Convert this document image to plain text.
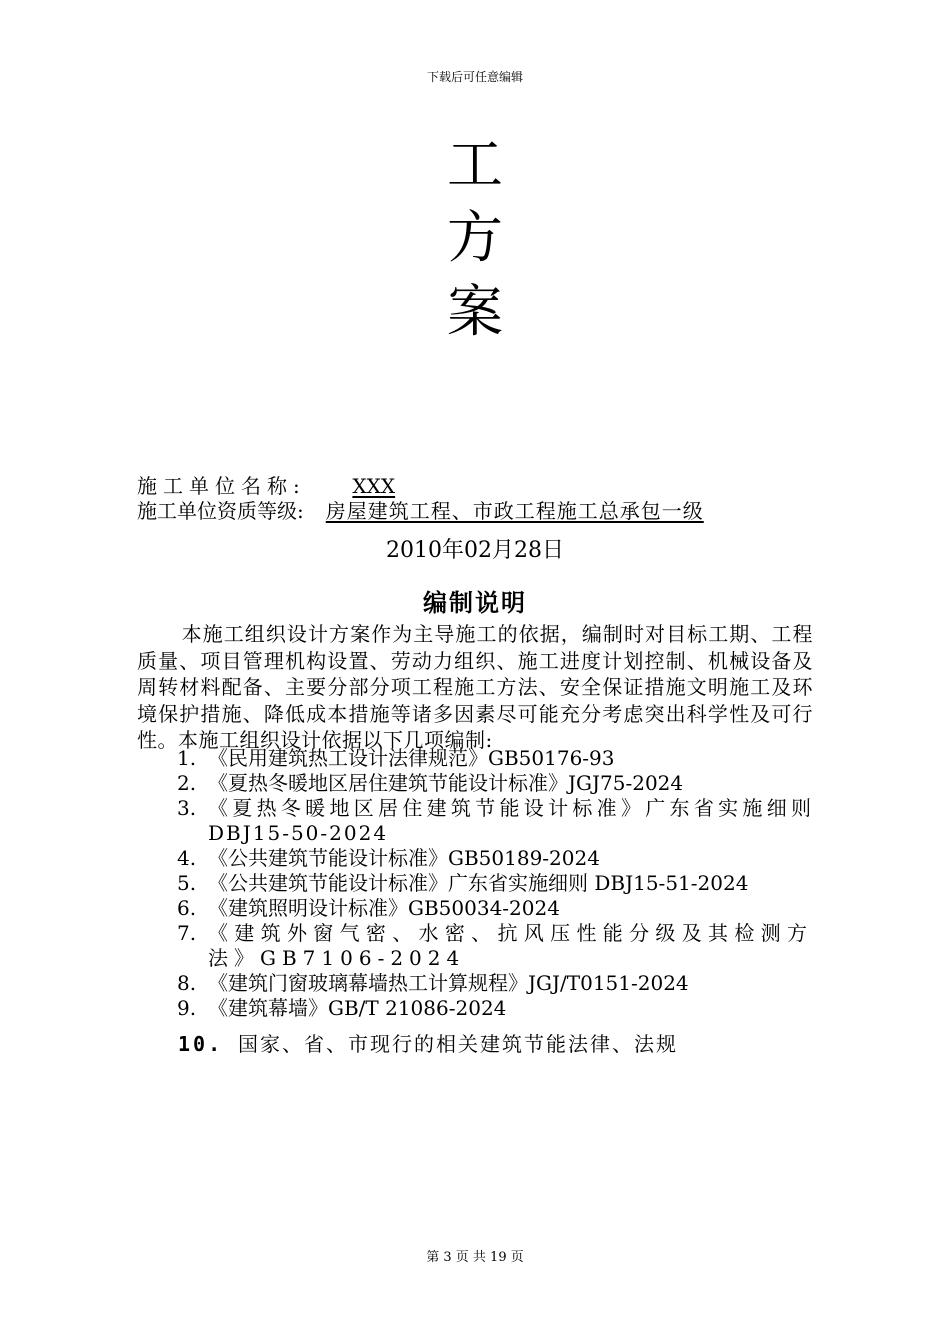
下载后可任意编辑
工
方
案
施工单位名称: XXX
施工单位资质等级: 房屋建筑工程、市政工程施工总承包一级
2010年02月28日
编制说明
本施工组织设计方案作为主导施工的依据，编制时对目标工期、工程质量、项目管理机构设置、劳动力组织、施工进度计划控制、机械设备及周转材料配备、主要分部分项工程施工方法、安全保证措施文明施工及环境保护措施、降低成本措施等诸多因素尽可能充分考虑突出科学性及可行性。本施工组织设计依据以下几项编制:
1. 《民用建筑热工设计法律规范》GB50176-93
2. 《夏热冬暖地区居住建筑节能设计标准》JGJ75-2024
3. 《夏热冬暖地区居住建筑节能设计标准》广东省实施细则DBJ15-50-2024
4. 《公共建筑节能设计标准》GB50189-2024
5. 《公共建筑节能设计标准》广东省实施细则 DBJ15-51-2024
6. 《建筑照明设计标准》GB50034-2024
7. 《建筑外窗气密、水密、抗风压性能分级及其检测方法》GB7106-2024
8. 《建筑门窗玻璃幕墙热工计算规程》JGJ/T0151-2024
9. 《建筑幕墙》GB/T 21086-2024
10. 国家、省、市现行的相关建筑节能法律、法规
第 3 页 共 19 页
